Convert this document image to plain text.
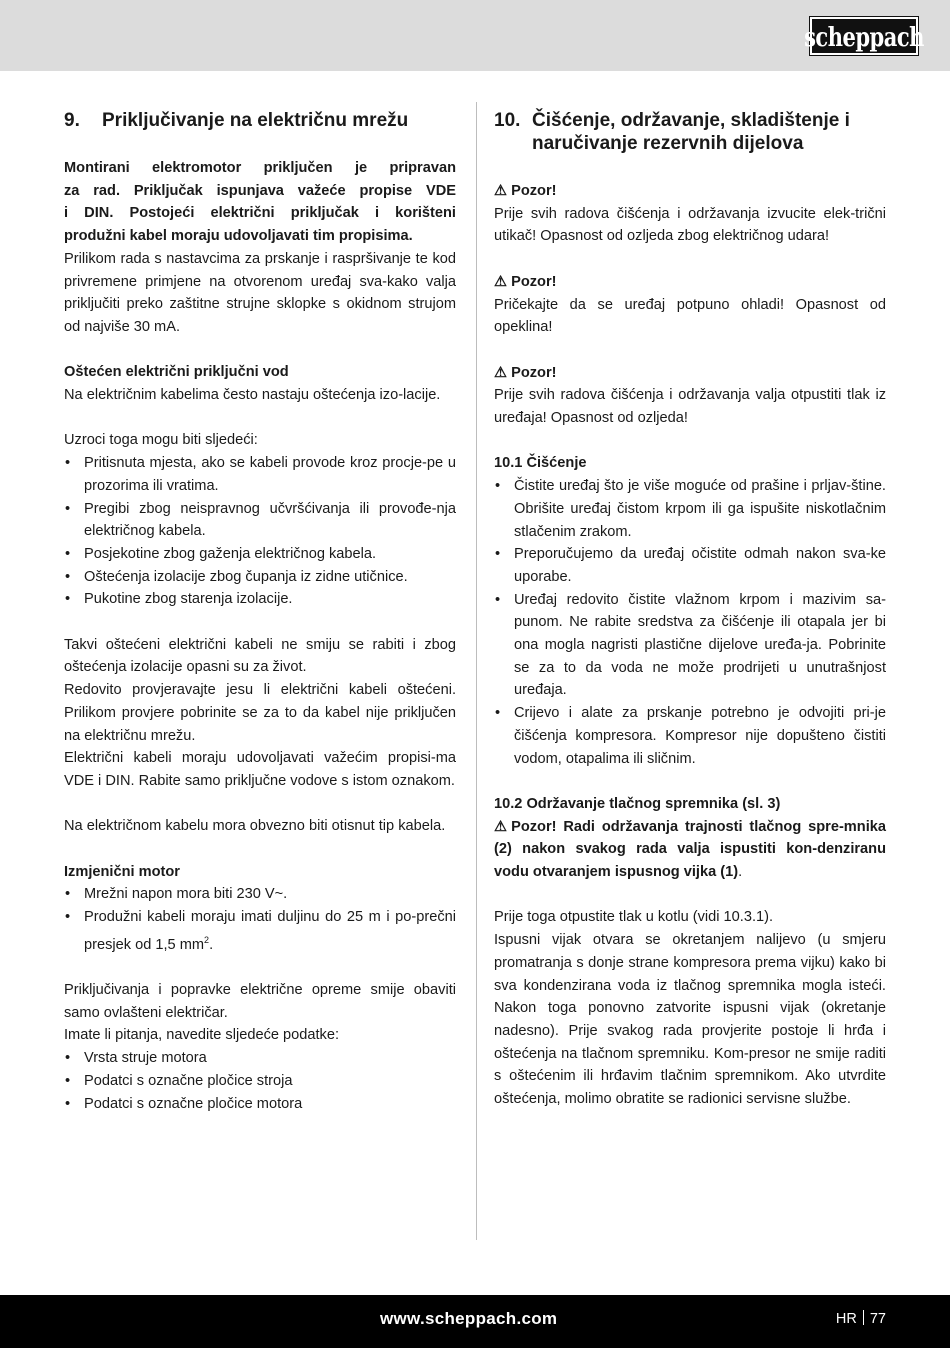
scheppach
9.	Priključivanje na električnu mrežu

Montirani elektromotor priključen je pripravan

za rad. Priključak ispunjava važeće propise VDE

i DIN. Postojeći električni priključak i korišteni

produžni kabel moraju udovoljavati tim propisima.

Prilikom rada s nastavcima za prskanje i raspršivanje te kod privremene primjene na otvorenom uređaj sva-kako valja priključiti preko zaštitne strujne sklopke s okidnom strujom od najviše 30 mA.

Oštećen električni priključni vod

Na električnim kabelima često nastaju oštećenja izo-lacije.

Uzroci toga mogu biti sljedeći:

• Pritisnuta mjesta, ako se kabeli provode kroz procje-pe u prozorima ili vratima.
• Pregibi zbog neispravnog učvršćivanja ili provođe-nja električnog kabela.
• Posjekotine zbog gaženja električnog kabela.
• Oštećenja izolacije zbog čupanja iz zidne utičnice.
• Pukotine zbog starenja izolacije.

Takvi oštećeni električni kabeli ne smiju se rabiti i zbog oštećenja izolacije opasni su za život.

Redovito provjeravajte jesu li električni kabeli oštećeni. Prilikom provjere pobrinite se za to da kabel nije priključen na električnu mrežu.

Električni kabeli moraju udovoljavati važećim propisi-ma VDE i DIN. Rabite samo priključne vodove s istom oznakom.

Na električnom kabelu mora obvezno biti otisnut tip kabela.

Izmjenični motor

• Mrežni napon mora biti 230 V~.
• Produžni kabeli moraju imati duljinu do 25 m i po-prečni presjek od 1,5 $mm^2$.

Priključivanja i popravke električne opreme smije obaviti samo ovlašteni električar.

Imate li pitanja, navedite sljedeće podatke:

• Vrsta struje motora
• Podatci s označne pločice stroja
• Podatci s označne pločice motora
10. Čišćenje, održavanje, skladištenje i naručivanje rezervnih dijelova

⚠ Pozor!

Prije svih radova čišćenja i održavanja izvucite elek-trični utikač! Opasnost od ozljeda zbog električnog udara!

⚠ Pozor!

Pričekajte da se uređaj potpuno ohladi! Opasnost od opeklina!

⚠ Pozor!

Prije svih radova čišćenja i održavanja valja otpustiti tlak iz uređaja! Opasnost od ozljeda!

10.1 Čišćenje

• Čistite uređaj što je više moguće od prašine i prljav-štine. Obrišite uređaj čistom krpom ili ga ispušite niskotlačnim stlačenim zrakom.
• Preporučujemo da uređaj očistite odmah nakon sva-ke uporabe.
• Uređaj redovito čistite vlažnom krpom i mazivim sa-punom. Ne rabite sredstva za čišćenje ili otapala jer bi ona mogla nagristi plastične dijelove uređa-ja. Pobrinite se za to da voda ne može prodrijeti u unutrašnjost uređaja.
• Crijevo i alate za prskanje potrebno je odvojiti pri-je čišćenja kompresora. Kompresor nije dopušteno čistiti vodom, otapalima ili sličnim.

10.2 Održavanje tlačnog spremnika (sl. 3)

⚠ Pozor! Radi održavanja trajnosti tlačnog spre-mnika (2) nakon svakog rada valja ispustiti kon-denziranu vodu otvaranjem ispusnog vijka (1).

Prije toga otpustite tlak u kotlu (vidi 10.3.1).

Ispusni vijak otvara se okretanjem nalijevo (u smjeru promatranja s donje strane kompresora prema vijku) kako bi sva kondenzirana voda iz tlačnog spremnika mogla isteći. Nakon toga ponovno zatvorite ispusni vijak (okretanje nadesno). Prije svakog rada provjerite postoje li hrđa i oštećenja na tlačnom spremniku. Kom-presor ne smije raditi s oštećenim ili hrđavim tlačnim spremnikom. Ako utvrdite oštećenja, molimo obratite se radionici servisne službe.

www.scheppach.com	HR 77
